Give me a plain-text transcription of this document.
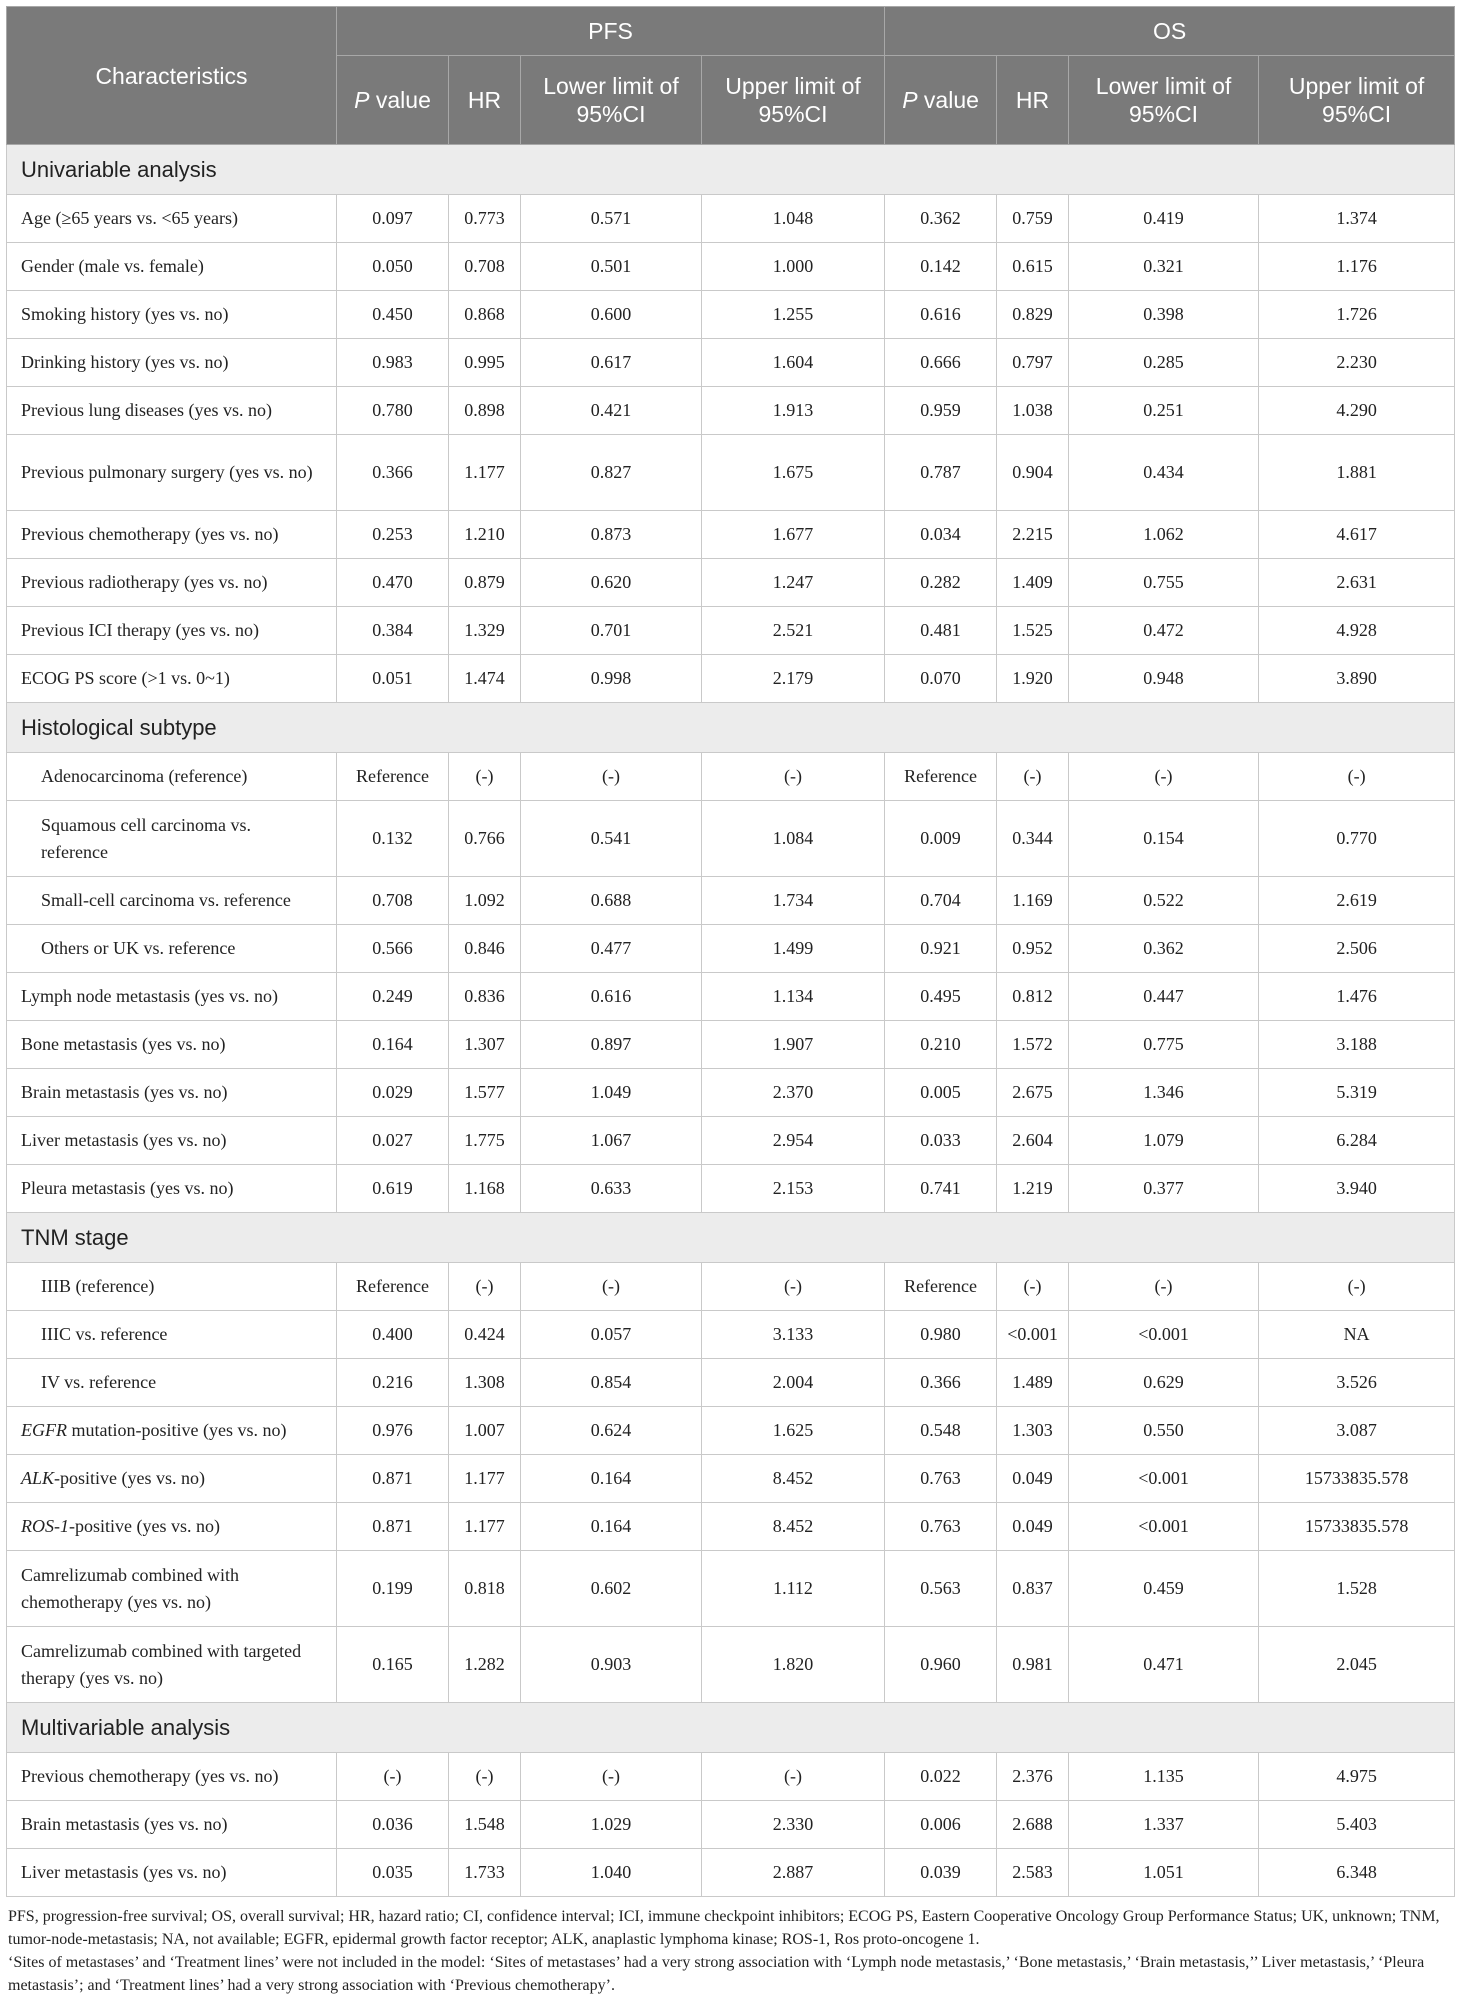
Characteristics	PFS				OS			
	P value	HR	Lower limit of 95%CI	Upper limit of 95%CI	P value	HR	Lower limit of 95%CI	Upper limit of 95%CI
Univariable analysis								
Age (≥65 years vs. <65 years)	0.097	0.773	0.571	1.048	0.362	0.759	0.419	1.374
Gender (male vs. female)	0.050	0.708	0.501	1.000	0.142	0.615	0.321	1.176
Smoking history (yes vs. no)	0.450	0.868	0.600	1.255	0.616	0.829	0.398	1.726
Drinking history (yes vs. no)	0.983	0.995	0.617	1.604	0.666	0.797	0.285	2.230
Previous lung diseases (yes vs. no)	0.780	0.898	0.421	1.913	0.959	1.038	0.251	4.290
Previous pulmonary surgery (yes vs. no)	0.366	1.177	0.827	1.675	0.787	0.904	0.434	1.881
Previous chemotherapy (yes vs. no)	0.253	1.210	0.873	1.677	0.034	2.215	1.062	4.617
Previous radiotherapy (yes vs. no)	0.470	0.879	0.620	1.247	0.282	1.409	0.755	2.631
Previous ICI therapy (yes vs. no)	0.384	1.329	0.701	2.521	0.481	1.525	0.472	4.928
ECOG PS score (>1 vs. 0~1)	0.051	1.474	0.998	2.179	0.070	1.920	0.948	3.890
Histological subtype								
Adenocarcinoma (reference)	Reference	(-)	(-)	(-)	Reference	(-)	(-)	(-)
Squamous cell carcinoma vs. reference	0.132	0.766	0.541	1.084	0.009	0.344	0.154	0.770
Small-cell carcinoma vs. reference	0.708	1.092	0.688	1.734	0.704	1.169	0.522	2.619
Others or UK vs. reference	0.566	0.846	0.477	1.499	0.921	0.952	0.362	2.506
Lymph node metastasis (yes vs. no)	0.249	0.836	0.616	1.134	0.495	0.812	0.447	1.476
Bone metastasis (yes vs. no)	0.164	1.307	0.897	1.907	0.210	1.572	0.775	3.188
Brain metastasis (yes vs. no)	0.029	1.577	1.049	2.370	0.005	2.675	1.346	5.319
Liver metastasis (yes vs. no)	0.027	1.775	1.067	2.954	0.033	2.604	1.079	6.284
Pleura metastasis (yes vs. no)	0.619	1.168	0.633	2.153	0.741	1.219	0.377	3.940
TNM stage								
IIIB (reference)	Reference	(-)	(-)	(-)	Reference	(-)	(-)	(-)
IIIC vs. reference	0.400	0.424	0.057	3.133	0.980	<0.001	<0.001	NA
IV vs. reference	0.216	1.308	0.854	2.004	0.366	1.489	0.629	3.526
EGFR mutation-positive (yes vs. no)	0.976	1.007	0.624	1.625	0.548	1.303	0.550	3.087
ALK-positive (yes vs. no)	0.871	1.177	0.164	8.452	0.763	0.049	<0.001	15733835.578
ROS-1-positive (yes vs. no)	0.871	1.177	0.164	8.452	0.763	0.049	<0.001	15733835.578
Camrelizumab combined with chemotherapy (yes vs. no)	0.199	0.818	0.602	1.112	0.563	0.837	0.459	1.528
Camrelizumab combined with targeted therapy (yes vs. no)	0.165	1.282	0.903	1.820	0.960	0.981	0.471	2.045
Multivariable analysis								
Previous chemotherapy (yes vs. no)	(-)	(-)	(-)	(-)	0.022	2.376	1.135	4.975
Brain metastasis (yes vs. no)	0.036	1.548	1.029	2.330	0.006	2.688	1.337	5.403
Liver metastasis (yes vs. no)	0.035	1.733	1.040	2.887	0.039	2.583	1.051	6.348

PFS, progression-free survival; OS, overall survival; HR, hazard ratio; CI, confidence interval; ICI, immune checkpoint inhibitors; ECOG PS, Eastern Cooperative Oncology Group Performance Status; UK, unknown; TNM, tumor-node-metastasis; NA, not available; EGFR, epidermal growth factor receptor; ALK, anaplastic lymphoma kinase; ROS-1, Ros proto-oncogene 1.

‘Sites of metastases’ and ‘Treatment lines’ were not included in the model: ‘Sites of metastases’ had a very strong association with ‘Lymph node metastasis,’ ‘Bone metastasis,’ ‘Brain metastasis,’’ Liver metastasis,’ ‘Pleura metastasis’; and ‘Treatment lines’ had a very strong association with ‘Previous chemotherapy’.
